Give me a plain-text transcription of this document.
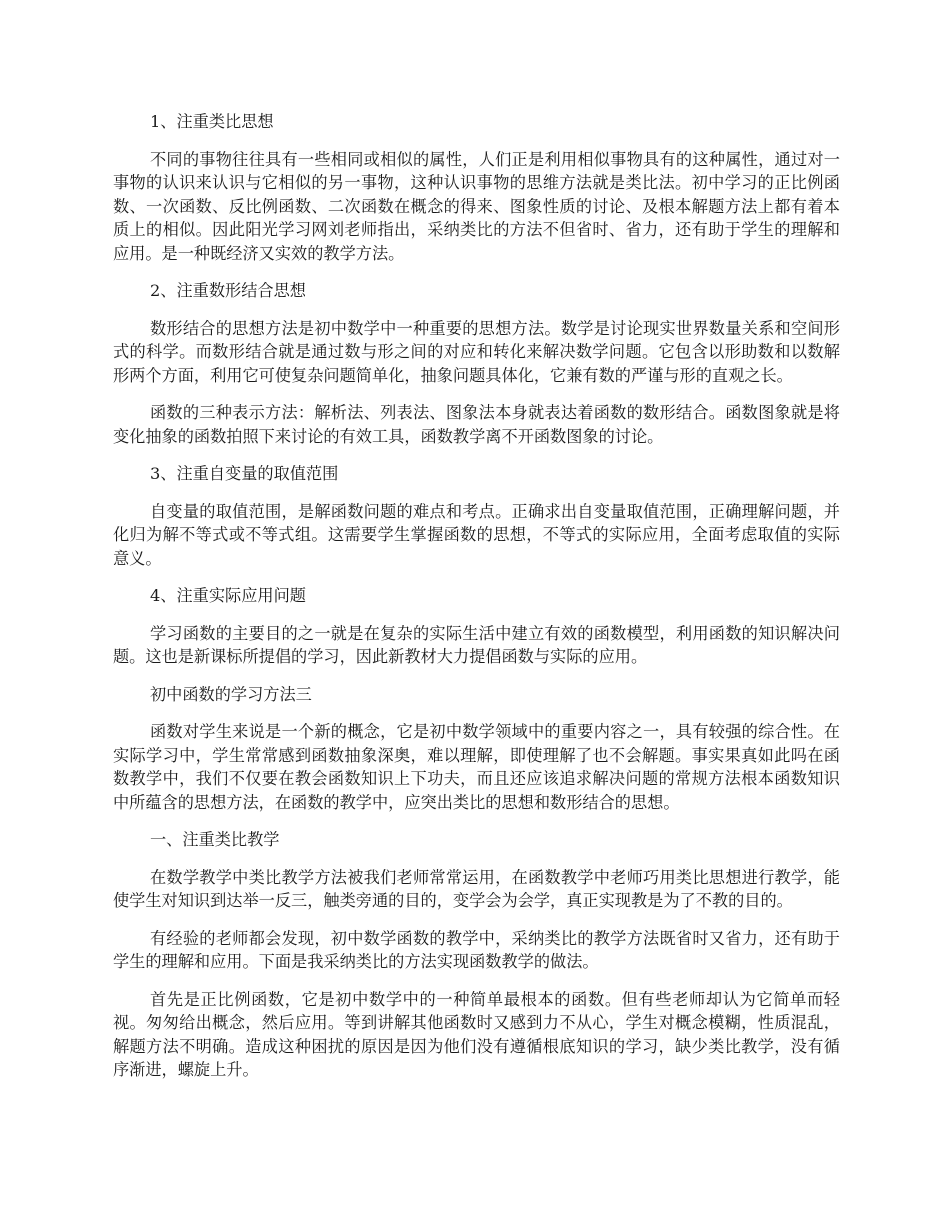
1、注重类比思想

不同的事物往往具有一些相同或相似的属性，人们正是利用相似事物具有的这种属性，通过对一事物的认识来认识与它相似的另一事物，这种认识事物的思维方法就是类比法。初中学习的正比例函数、一次函数、反比例函数、二次函数在概念的得来、图象性质的讨论、及根本解题方法上都有着本质上的相似。因此阳光学习网刘老师指出，采纳类比的方法不但省时、省力，还有助于学生的理解和应用。是一种既经济又实效的教学方法。

2、注重数形结合思想

数形结合的思想方法是初中数学中一种重要的思想方法。数学是讨论现实世界数量关系和空间形式的科学。而数形结合就是通过数与形之间的对应和转化来解决数学问题。它包含以形助数和以数解形两个方面，利用它可使复杂问题简单化，抽象问题具体化，它兼有数的严谨与形的直观之长。

函数的三种表示方法：解析法、列表法、图象法本身就表达着函数的数形结合。函数图象就是将变化抽象的函数拍照下来讨论的有效工具，函数教学离不开函数图象的讨论。

3、注重自变量的取值范围

自变量的取值范围，是解函数问题的难点和考点。正确求出自变量取值范围，正确理解问题，并化归为解不等式或不等式组。这需要学生掌握函数的思想，不等式的实际应用，全面考虑取值的实际意义。

4、注重实际应用问题

学习函数的主要目的之一就是在复杂的实际生活中建立有效的函数模型，利用函数的知识解决问题。这也是新课标所提倡的学习，因此新教材大力提倡函数与实际的应用。

初中函数的学习方法三

函数对学生来说是一个新的概念，它是初中数学领域中的重要内容之一，具有较强的综合性。在实际学习中，学生常常感到函数抽象深奥，难以理解，即使理解了也不会解题。事实果真如此吗在函数教学中，我们不仅要在教会函数知识上下功夫，而且还应该追求解决问题的常规方法根本函数知识中所蕴含的思想方法，在函数的教学中，应突出类比的思想和数形结合的思想。

一、注重类比教学

在数学教学中类比教学方法被我们老师常常运用，在函数教学中老师巧用类比思想进行教学，能使学生对知识到达举一反三，触类旁通的目的，变学会为会学，真正实现教是为了不教的目的。

有经验的老师都会发现，初中数学函数的教学中，采纳类比的教学方法既省时又省力，还有助于学生的理解和应用。下面是我采纳类比的方法实现函数教学的做法。

首先是正比例函数，它是初中数学中的一种简单最根本的函数。但有些老师却认为它简单而轻视。匆匆给出概念，然后应用。等到讲解其他函数时又感到力不从心，学生对概念模糊，性质混乱，解题方法不明确。造成这种困扰的原因是因为他们没有遵循根底知识的学习，缺少类比教学，没有循序渐进，螺旋上升。
